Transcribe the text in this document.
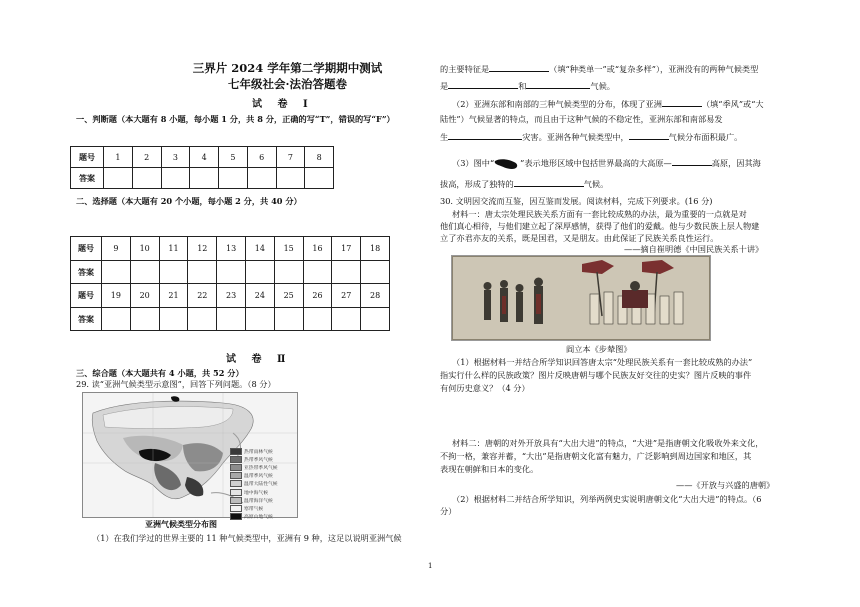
三界片 2024 学年第二学期期中测试
七年级社会·法治答题卷
试 卷 I
一、判断题（本大题有 8 小题，每小题 1 分，共 8 分，正确的写“T”，错误的写“F”）
题号	1	2	3	4	5	6	7	8
答案								
二、选择题（本大题有 20 个小题，每小题 2 分，共 40 分）
题号	9	10	11	12	13	14	15	16	17	18
答案										
题号	19	20	21	22	23	24	25	26	27	28
答案										
试 卷 Ⅱ
三、综合题（本大题共有 4 小题，共 52 分）
29. 读“亚洲气候类型示意图”，回答下列问题。（8 分）
热带雨林气候
热带季风气候
亚热带季风气候
温带季风气候
温带大陆性气候
地中海气候
温带海洋气候
寒带气候
高原山地气候
亚洲气候类型分布图
（1）在我们学过的世界主要的 11 种气候类型中，亚洲有 9 种，这足以说明亚洲气候
的主要特征是	（填“种类单一”或“复杂多样”），亚洲没有的两种气候类型
是	和	气候。
（2）亚洲东部和南部的三种气候类型的分布，体现了亚洲	（填“季风”或“大
陆性”）气候显著的特点，而且由于这种气候的不稳定性，亚洲东部和南部易发
生	灾害。亚洲各种气候类型中，	气候分布面积最广。
（3）图中“	”表示地形区域中包括世界最高的大高原—	高原，因其海
拔高，形成了独特的	气候。
30. 文明因交流而互鉴，因互鉴而发展。阅读材料，完成下列要求。(16 分)
材料一：唐太宗处理民族关系方面有一套比较成熟的办法，最为重要的一点就是对
他们真心相待，与他们建立起了深厚感情，获得了他们的爱戴。他与少数民族上层人物建
立了亦君亦友的关系，既是国君，又是朋友。由此保证了民族关系良性运行。
——摘自崔明德《中国民族关系十讲》
阎立本《步辇图》
（1）根据材料一并结合所学知识回答唐太宗“处理民族关系有一套比较成熟的办法”
指实行什么样的民族政策？图片反映唐朝与哪个民族友好交往的史实？图片反映的事件
有何历史意义？（4 分）
材料二：唐朝的对外开放具有“大出大进”的特点，“大进”是指唐朝文化吸收外来文化，
不拘一格，兼容并蓄，“大出”是指唐朝文化富有魅力，广泛影响到周边国家和地区，其
表现在朝鲜和日本的变化。
——《开放与兴盛的唐朝》
（2）根据材料二并结合所学知识，列举两例史实说明唐朝文化“大出大进”的特点。（6
分）
1
